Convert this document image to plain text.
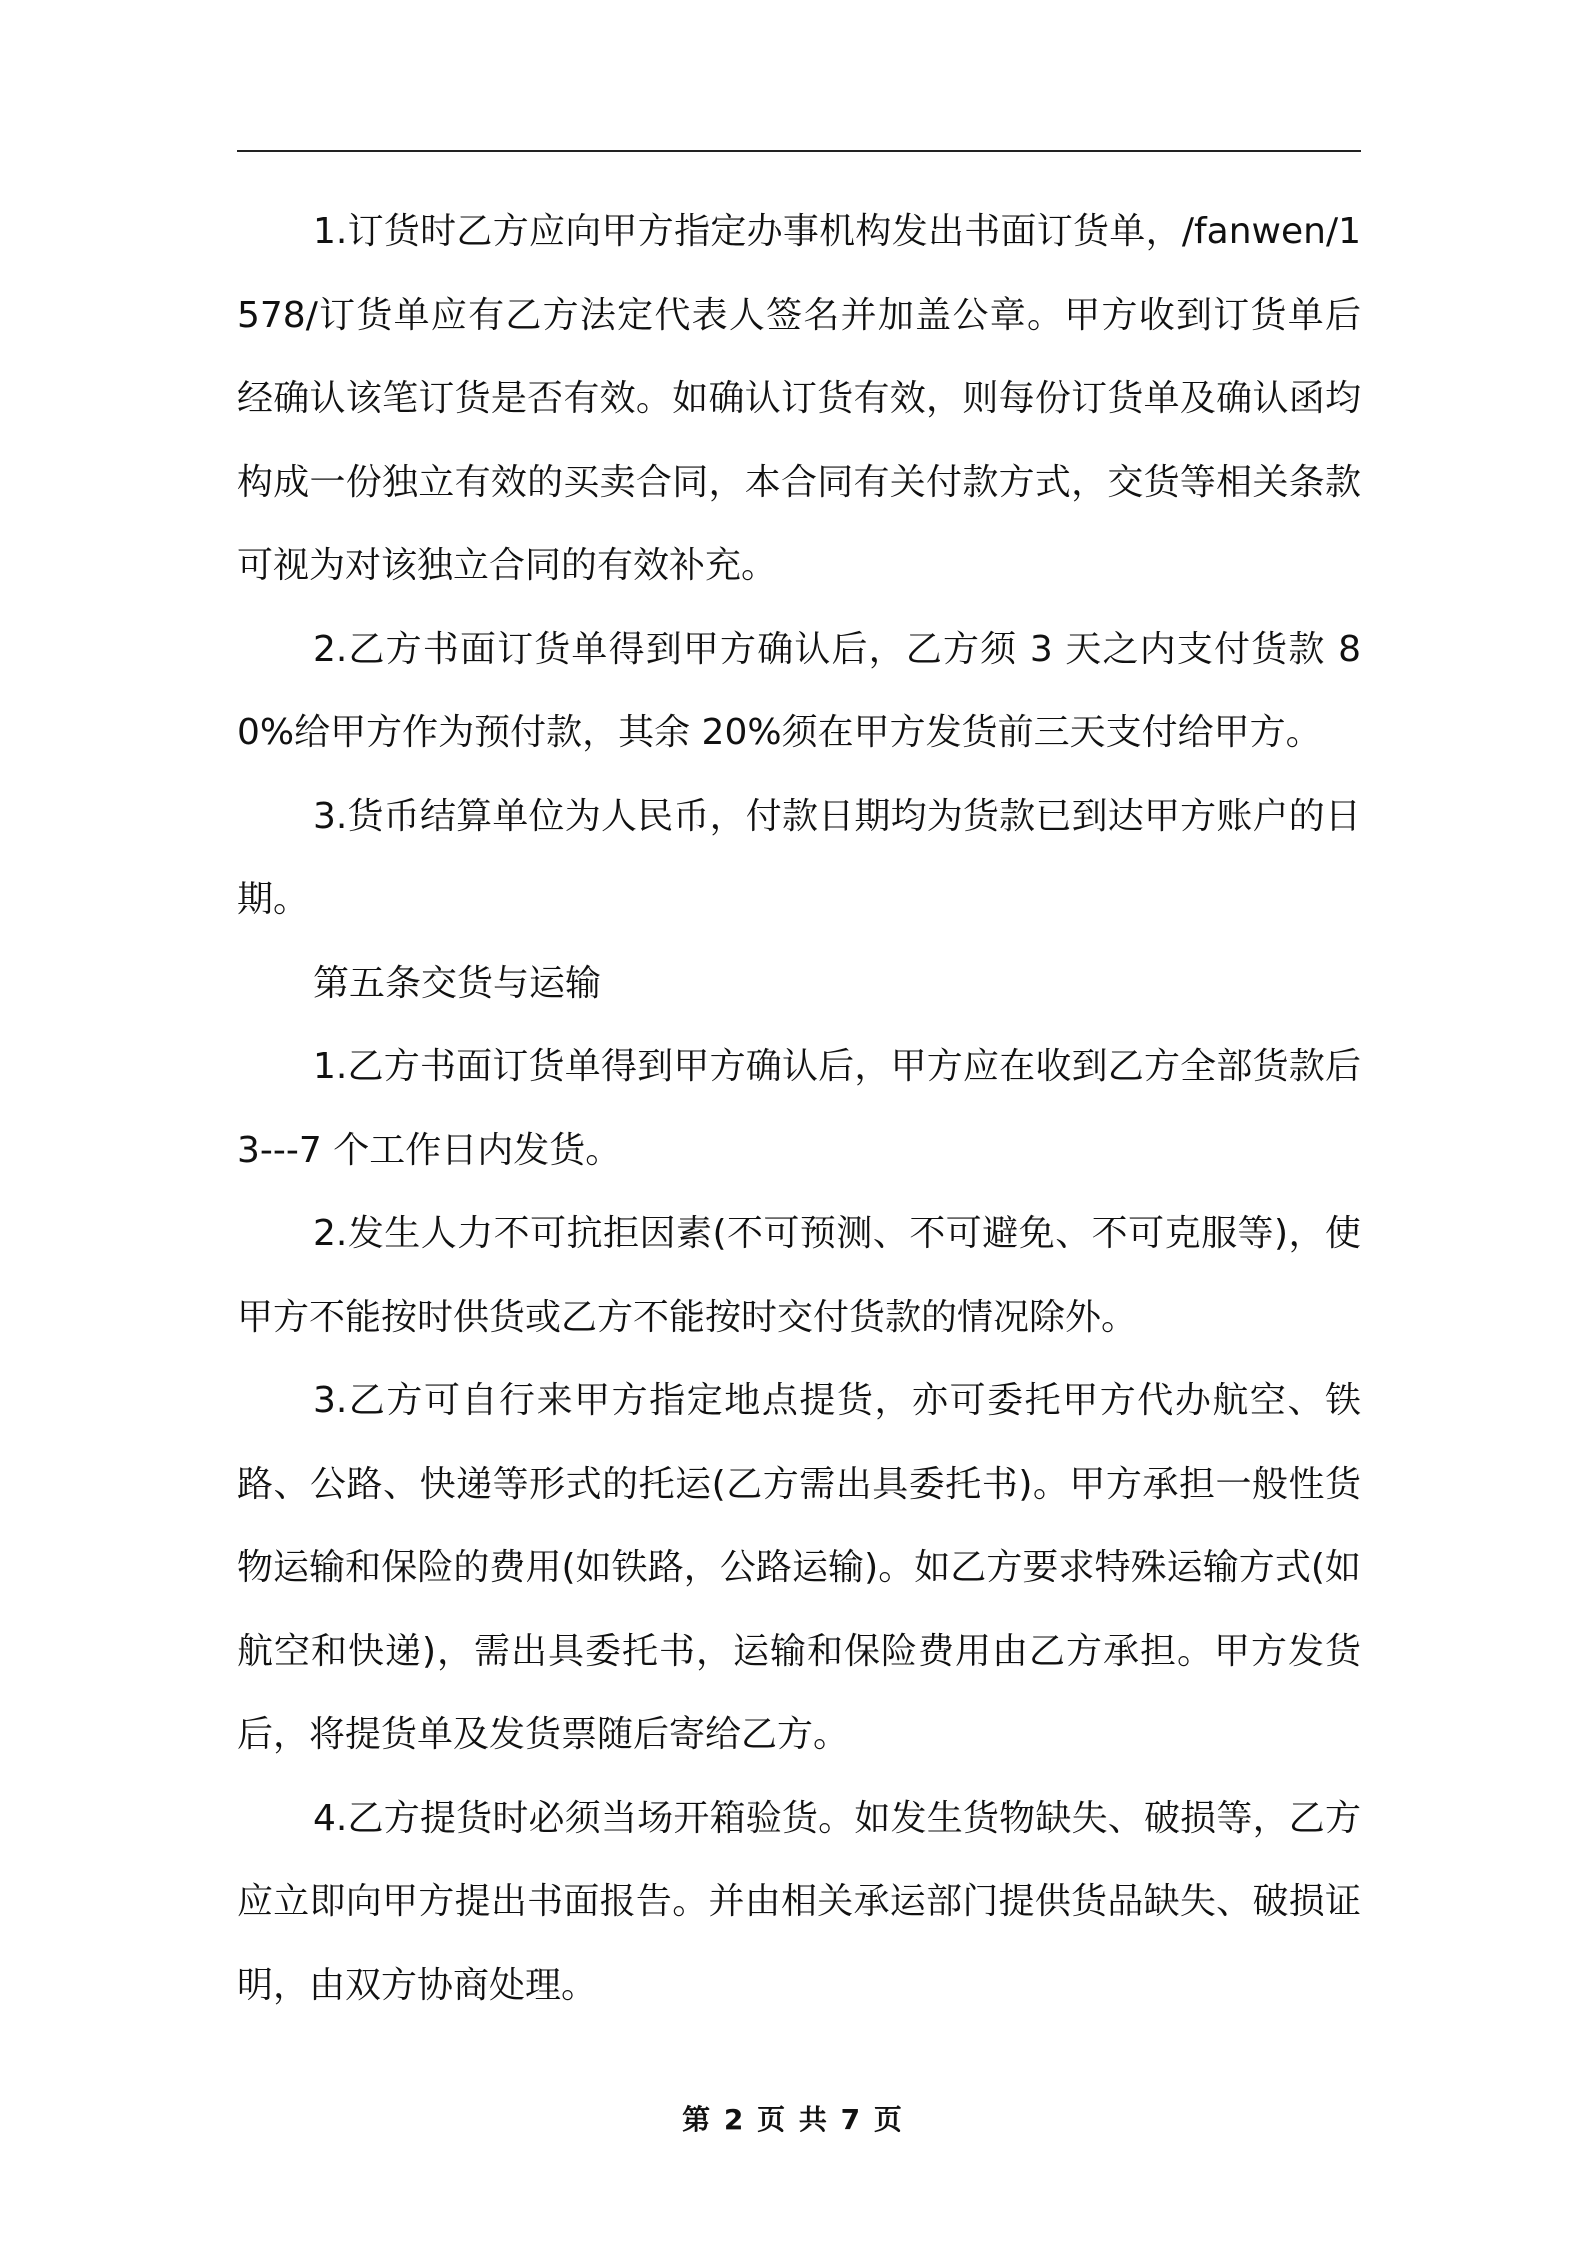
1.订货时乙方应向甲方指定办事机构发出书面订货单，/fanwen/1578/订货单应有乙方法定代表人签名并加盖公章。甲方收到订货单后经确认该笔订货是否有效。如确认订货有效，则每份订货单及确认函均构成一份独立有效的买卖合同，本合同有关付款方式，交货等相关条款可视为对该独立合同的有效补充。

2.乙方书面订货单得到甲方确认后，乙方须 3 天之内支付货款 80%给甲方作为预付款，其余 20%须在甲方发货前三天支付给甲方。

3.货币结算单位为人民币，付款日期均为货款已到达甲方账户的日期。

第五条交货与运输

1.乙方书面订货单得到甲方确认后，甲方应在收到乙方全部货款后 3---7 个工作日内发货。

2.发生人力不可抗拒因素(不可预测、不可避免、不可克服等)，使甲方不能按时供货或乙方不能按时交付货款的情况除外。

3.乙方可自行来甲方指定地点提货，亦可委托甲方代办航空、铁路、公路、快递等形式的托运(乙方需出具委托书)。甲方承担一般性货物运输和保险的费用(如铁路，公路运输)。如乙方要求特殊运输方式(如航空和快递)，需出具委托书，运输和保险费用由乙方承担。甲方发货后，将提货单及发货票随后寄给乙方。

4.乙方提货时必须当场开箱验货。如发生货物缺失、破损等，乙方应立即向甲方提出书面报告。并由相关承运部门提供货品缺失、破损证明，由双方协商处理。

第 2 页 共 7 页
